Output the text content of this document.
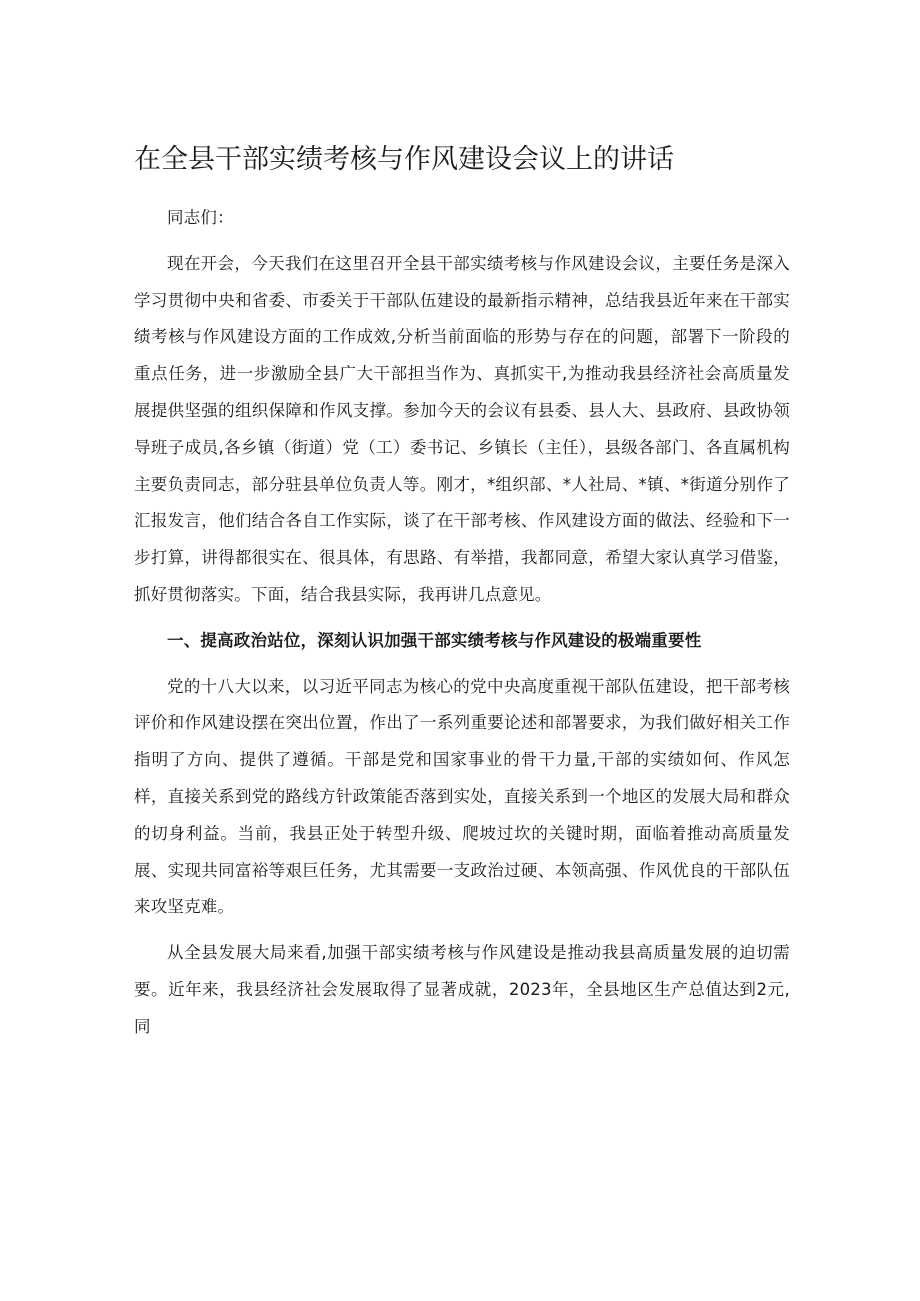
在全县干部实绩考核与作风建设会议上的讲话

同志们：

现在开会，今天我们在这里召开全县干部实绩考核与作风建设会议，主要任务是深入学习贯彻中央和省委、市委关于干部队伍建设的最新指示精神，总结我县近年来在干部实绩考核与作风建设方面的工作成效,分析当前面临的形势与存在的问题，部署下一阶段的重点任务，进一步激励全县广大干部担当作为、真抓实干,为推动我县经济社会高质量发展提供坚强的组织保障和作风支撑。参加今天的会议有县委、县人大、县政府、县政协领导班子成员,各乡镇（街道）党（工）委书记、乡镇长（主任），县级各部门、各直属机构主要负责同志，部分驻县单位负责人等。刚才，*组织部、*人社局、*镇、*街道分别作了汇报发言，他们结合各自工作实际，谈了在干部考核、作风建设方面的做法、经验和下一步打算，讲得都很实在、很具体，有思路、有举措，我都同意，希望大家认真学习借鉴，抓好贯彻落实。下面，结合我县实际，我再讲几点意见。

一、提高政治站位，深刻认识加强干部实绩考核与作风建设的极端重要性

党的十八大以来，以习近平同志为核心的党中央高度重视干部队伍建设，把干部考核评价和作风建设摆在突出位置，作出了一系列重要论述和部署要求，为我们做好相关工作指明了方向、提供了遵循。干部是党和国家事业的骨干力量,干部的实绩如何、作风怎样，直接关系到党的路线方针政策能否落到实处，直接关系到一个地区的发展大局和群众的切身利益。当前，我县正处于转型升级、爬坡过坎的关键时期，面临着推动高质量发展、实现共同富裕等艰巨任务，尤其需要一支政治过硬、本领高强、作风优良的干部队伍来攻坚克难。

从全县发展大局来看,加强干部实绩考核与作风建设是推动我县高质量发展的迫切需要。近年来，我县经济社会发展取得了显著成就，2023年，全县地区生产总值达到2元,同
